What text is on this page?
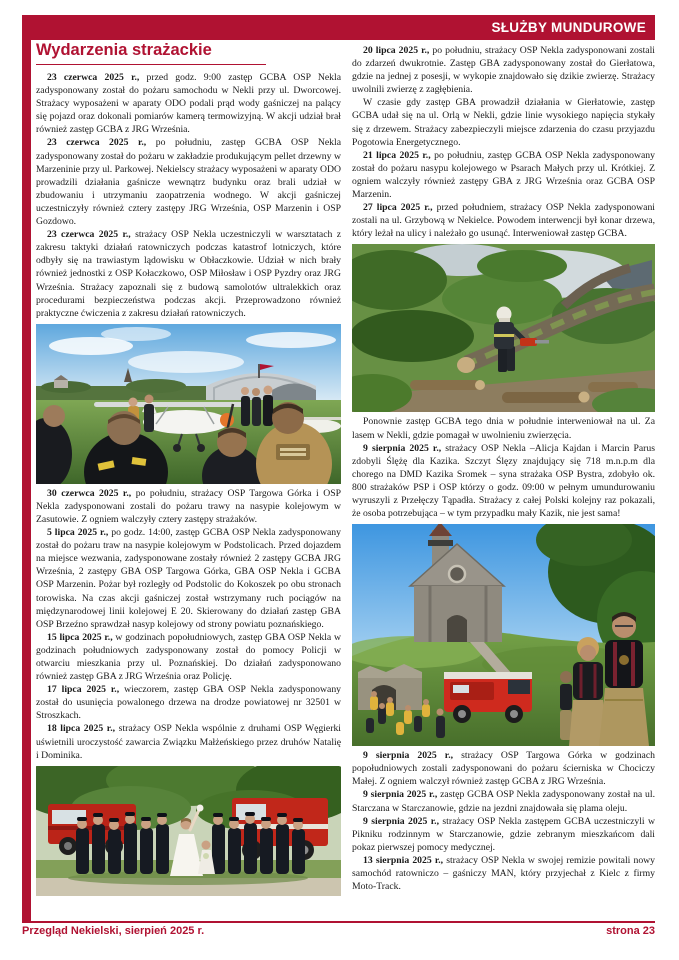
SŁUŻBY MUNDUROWE
Wydarzenia strażackie

23 czerwca 2025 r., przed godz. 9:00 zastęp GCBA OSP Nekla zadysponowany został do pożaru samochodu w Nekli przy ul. Dworcowej. Strażacy wyposażeni w aparaty ODO podali prąd wody gaśniczej na palący się pojazd oraz dokonali pomiarów kamerą termowizyjną. W akcji udział brał również zastęp GCBA z JRG Września.

23 czerwca 2025 r., po południu, zastęp GCBA OSP Nekla zadysponowany został do pożaru w zakładzie produkującym pellet drzewny w Marzeninie przy ul. Parkowej. Nekielscy strażacy wyposażeni w aparaty ODO prowadzili działania gaśnicze wewnątrz budynku oraz brali udział w zbudowaniu i utrzymaniu zaopatrzenia wodnego. W akcji gaśniczej uczestniczyły również cztery zastępy JRG Września, OSP Marzenin i OSP Gozdowo.

23 czerwca 2025 r., strażacy OSP Nekla uczestniczyli w warsztatach z zakresu taktyki działań ratowniczych podczas katastrof lotniczych, które odbyły się na trawiastym lądowisku w Obłaczkowie. Udział w nich brały również jednostki z OSP Kołaczkowo, OSP Miłosław i OSP Pyzdry oraz JRG Września. Strażacy zapoznali się z budową samolotów ultralekkich oraz procedurami bezpieczeństwa podczas akcji. Przeprowadzono również praktyczne ćwiczenia z zakresu działań ratowniczych.

30 czerwca 2025 r., po południu, strażacy OSP Targowa Górka i OSP Nekla zadysponowani zostali do pożaru trawy na nasypie kolejowym w Zasutowie. Z ogniem walczyły cztery zastępy strażaków.

5 lipca 2025 r., po godz. 14:00, zastęp GCBA OSP Nekla zadysponowany został do pożaru traw na nasypie kolejowym w Podstolicach. Przed dojazdem na miejsce wezwania, zadysponowane zostały również 2 zastępy GCBA JRG Września, 2 zastępy GBA OSP Targowa Górka, GBA OSP Nekla i GCBA OSP Marzenin. Pożar był rozległy od Podstolic do Kokoszek po obu stronach torowiska. Na czas akcji gaśniczej został wstrzymany ruch pociągów na międzynarodowej linii kolejowej E 20. Skierowany do działań zastęp GBA OSP Brzeźno sprawdzał nasyp kolejowy od strony powiatu poznańskiego.

15 lipca 2025 r., w godzinach popołudniowych, zastęp GBA OSP Nekla w godzinach południowych zadysponowany został do pomocy Policji w otwarciu mieszkania przy ul. Poznańskiej. Do działań zadysponowano również zastęp GBA z JRG Września oraz Policję.

17 lipca 2025 r., wieczorem, zastęp GBA OSP Nekla zadysponowany został do usunięcia powalonego drzewa na drodze powiatowej nr 32501 w Stroszkach.

18 lipca 2025 r., strażacy OSP Nekla wspólnie z druhami OSP Węgierki uświetnili uroczystość zawarcia Związku Małżeńskiego przez druhów Natalię i Dominika.

20 lipca 2025 r., po południu, strażacy OSP Nekla zadysponowani zostali do zdarzeń dwukrotnie. Zastęp GBA zadysponowany został do Gierłatowa, gdzie na jednej z posesji, w wykopie znajdowało się dzikie zwierzę. Strażacy uwolnili zwierzę z zagłębienia.

W czasie gdy zastęp GBA prowadził działania w Gierłatowie, zastęp GCBA udał się na ul. Orlą w Nekli, gdzie linie wysokiego napięcia stykały się z drzewem. Strażacy zabezpieczyli miejsce zdarzenia do czasu przyjazdu Pogotowia Energetycznego.

21 lipca 2025 r., po południu, zastęp GCBA OSP Nekla zadysponowany został do pożaru nasypu kolejowego w Psarach Małych przy ul. Krótkiej. Z ogniem walczyły również zastępy GBA z JRG Września oraz GCBA OSP Marzenin.

27 lipca 2025 r., przed południem, strażacy OSP Nekla zadysponowani zostali na ul. Grzybową w Nekielce. Powodem interwencji był konar drzewa, który leżał na ulicy i należało go usunąć. Interweniował zastęp GCBA.

Ponownie zastęp GCBA tego dnia w południe interweniował na ul. Za lasem w Nekli, gdzie pomagał w uwolnieniu zwierzęcia.

9 sierpnia 2025 r., strażacy OSP Nekla –Alicja Kajdan i Marcin Parus zdobyli Ślężę dla Kazika. Szczyt Ślęzy znajdujący się 718 m.n.p.m dla chorego na DMD Kazika Sromek – syna strażaka OSP Bystra, zdobyło ok. 800 strażaków PSP i OSP którzy o godz. 09:00 w pełnym umundurowaniu wyruszyli z Przełęczy Tąpadła. Strażacy z całej Polski kolejny raz pokazali, że osoba potrzebująca – w tym przypadku mały Kazik, nie jest sama!

9 sierpnia 2025 r., strażacy OSP Targowa Górka w godzinach popołudniowych zostali zadysponowani do pożaru ścierniska w Chociczy Małej. Z ogniem walczył również zastęp GCBA z JRG Września.

9 sierpnia 2025 r., zastęp GCBA OSP Nekla zadysponowany został na ul. Starczana w Starczanowie, gdzie na jezdni znajdowała się plama oleju.

9 sierpnia 2025 r., strażacy OSP Nekla zastępem GCBA uczestniczyli w Pikniku rodzinnym w Starczanowie, gdzie zebranym mieszkańcom dali pokaz pierwszej pomocy medycznej.

13 sierpnia 2025 r., strażacy OSP Nekla w swojej remizie powitali nowy samochód ratowniczo – gaśniczy MAN, który przyjechał z Kielc z firmy Moto-Track.

Przegląd Nekielski, sierpień 2025 r.	strona 23
